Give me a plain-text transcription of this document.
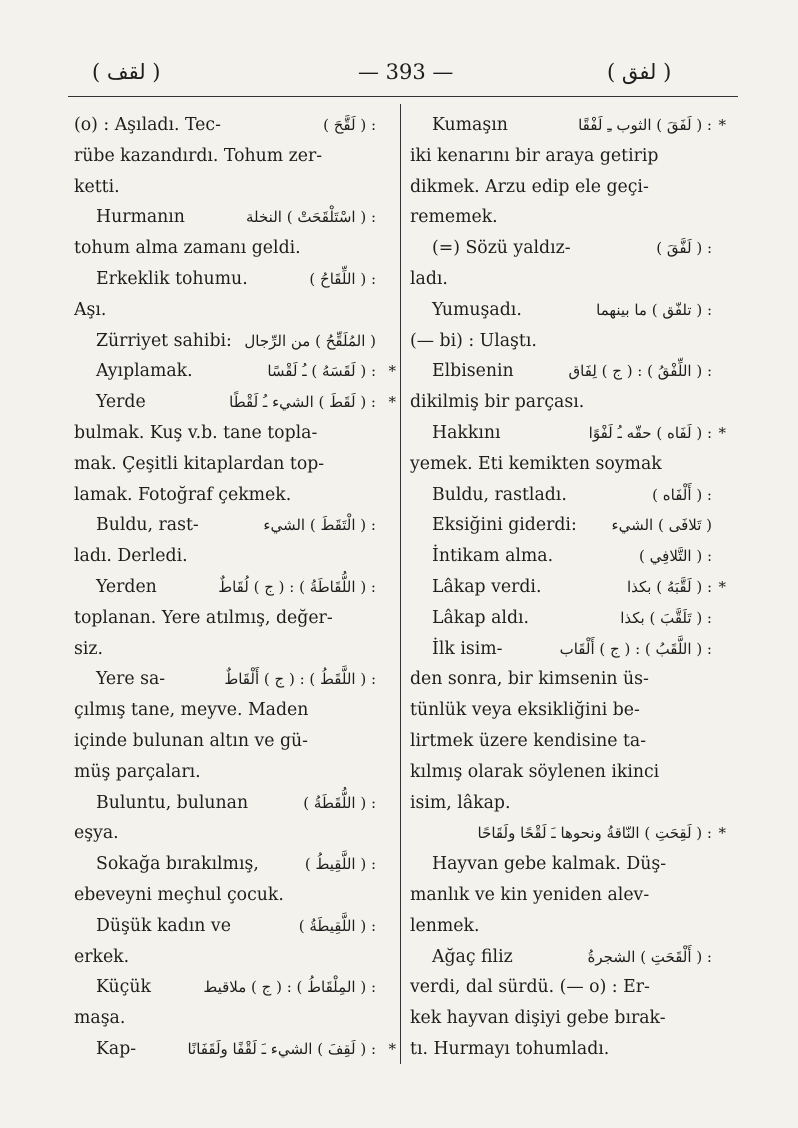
( لقف )	— 393 —	( لفق )
(o) : Aşıladı. Tec-	: ( لَقَّحَ )
rübe kazandırdı. Tohum zer-
ketti.
Hurmanın	: ( اسْتَلْقَحَتْ ) النخلة
tohum alma zamanı geldi.
Erkeklik tohumu.	: ( اللِّقَاحُ )
Aşı.
Zürriyet sahibi: ( المُلَقِّحُ ) من الرِّجال
Ayıplamak.	: ( لَقَسَهُ ) ـُ لَقْسًا *
Yerde	: ( لَقَطَ ) الشيء ـُ لَقْطًا *
bulmak. Kuş v.b. tane topla-
mak. Çeşitli kitaplardan top-
lamak. Fotoğraf çekmek.
Buldu, rast-	: ( الْتَقَطَ ) الشيء
ladı. Derledi.
Yerden	: ( اللُّقَاطَةُ ) : ( ج ) لُقَاطٌ
toplanan. Yere atılmış, değer-
siz.
Yere sa-	: ( اللَّقَطُ ) : ( ج ) أَلْقَاطٌ
çılmış tane, meyve. Maden
içinde bulunan altın ve gü-
müş parçaları.
Buluntu, bulunan	: ( اللُّقَطَةُ )
eşya.
Sokağa bırakılmış,	: ( اللَّقِيطُ )
ebeveyni meçhul çocuk.
Düşük kadın ve	: ( اللَّقِيطَةُ )
erkek.
Küçük	: ( المِلْقَاطُ ) : ( ج ) ملاقيط
maşa.
Kap-	: ( لَقِفَ ) الشيء ـَ لَقْفًا ولَقَفَانًا *
Kumaşın	: ( لَفَقَ ) الثوب ـِ لَفْقًا *
iki kenarını bir araya getirip
dikmek. Arzu edip ele geçi-
rememek.
(=) Sözü yaldız-	: ( لَفَّقَ )
ladı.
Yumuşadı.	: ( تلفّق ) ما بينهما
(— bi) : Ulaştı.
Elbisenin	: ( اللِّفْقُ ) : ( ج ) لِفَاق
dikilmiş bir parçası.
Hakkını	: ( لَفَاه ) حقّه ـُ لَفْوًا *
yemek. Eti kemikten soymak
Buldu, rastladı.	: ( أَلْفَاه )
Eksiğini giderdi: ( تَلافَى ) الشيء
İntikam alma.	: ( التَّلافِي )
Lâkap verdi.	: ( لَقَّبَهُ ) بكذا *
Lâkap aldı.	: ( تَلَقَّبَ ) بكذا
İlk isim-	: ( اللَّقَبُ ) : ( ج ) أَلْقَاب
den sonra, bir kimsenin üs-
tünlük veya eksikliğini be-
lirtmek üzere kendisine ta-
kılmış olarak söylenen ikinci
isim, lâkap.
: ( لَقِحَتِ ) النّاقةُ ونحوها ـَ لَقْحًا ولَقَاحًا *
Hayvan gebe kalmak. Düş-
manlık ve kin yeniden alev-
lenmek.
Ağaç filiz	: ( أَلْقَحَتِ ) الشجرةُ
verdi, dal sürdü. (— o) : Er-
kek hayvan dişiyi gebe bırak-
tı. Hurmayı tohumladı.
